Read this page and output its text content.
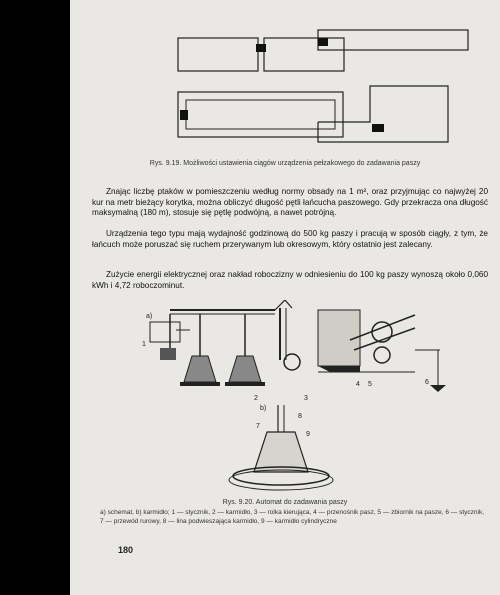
Rys. 9.19. Możliwości ustawienia ciągów urządzenia pełzakowego do zadawania paszy

Znając liczbę ptaków w pomieszczeniu według normy obsady na 1 m², oraz przyjmując co najwyżej 20 kur na metr bieżący korytka, można obliczyć długość pętli łańcucha paszowego. Gdy przekracza ona długość maksymalną (180 m), stosuje się pętlę podwójną, a nawet potrójną.

Urządzenia tego typu mają wydajność godzinową do 500 kg paszy i pracują w sposób ciągły, z tym, że łańcuch może poruszać się ruchem przerywanym lub okresowym, który ostatnio jest zalecany.

Zużycie energii elektrycznej oraz nakład roboczizny w odniesieniu do 100 kg paszy wynoszą około 0,060 kWh i 4,72 roboczominut.

a)
1
2	3
4 5	6
b)
7
8
9
Rys. 9.20. Automat do zadawania paszy
a) schemat, b) karmidło; 1 — stycznik, 2 — karmidło, 3 — rolka kierująca, 4 — przenośnik pasz, 5 — zbiornik na pasze, 6 — stycznik, 7 — przewód rurowy, 8 — lina podwieszająca karmidło, 9 — karmidło cylindryczne
180
